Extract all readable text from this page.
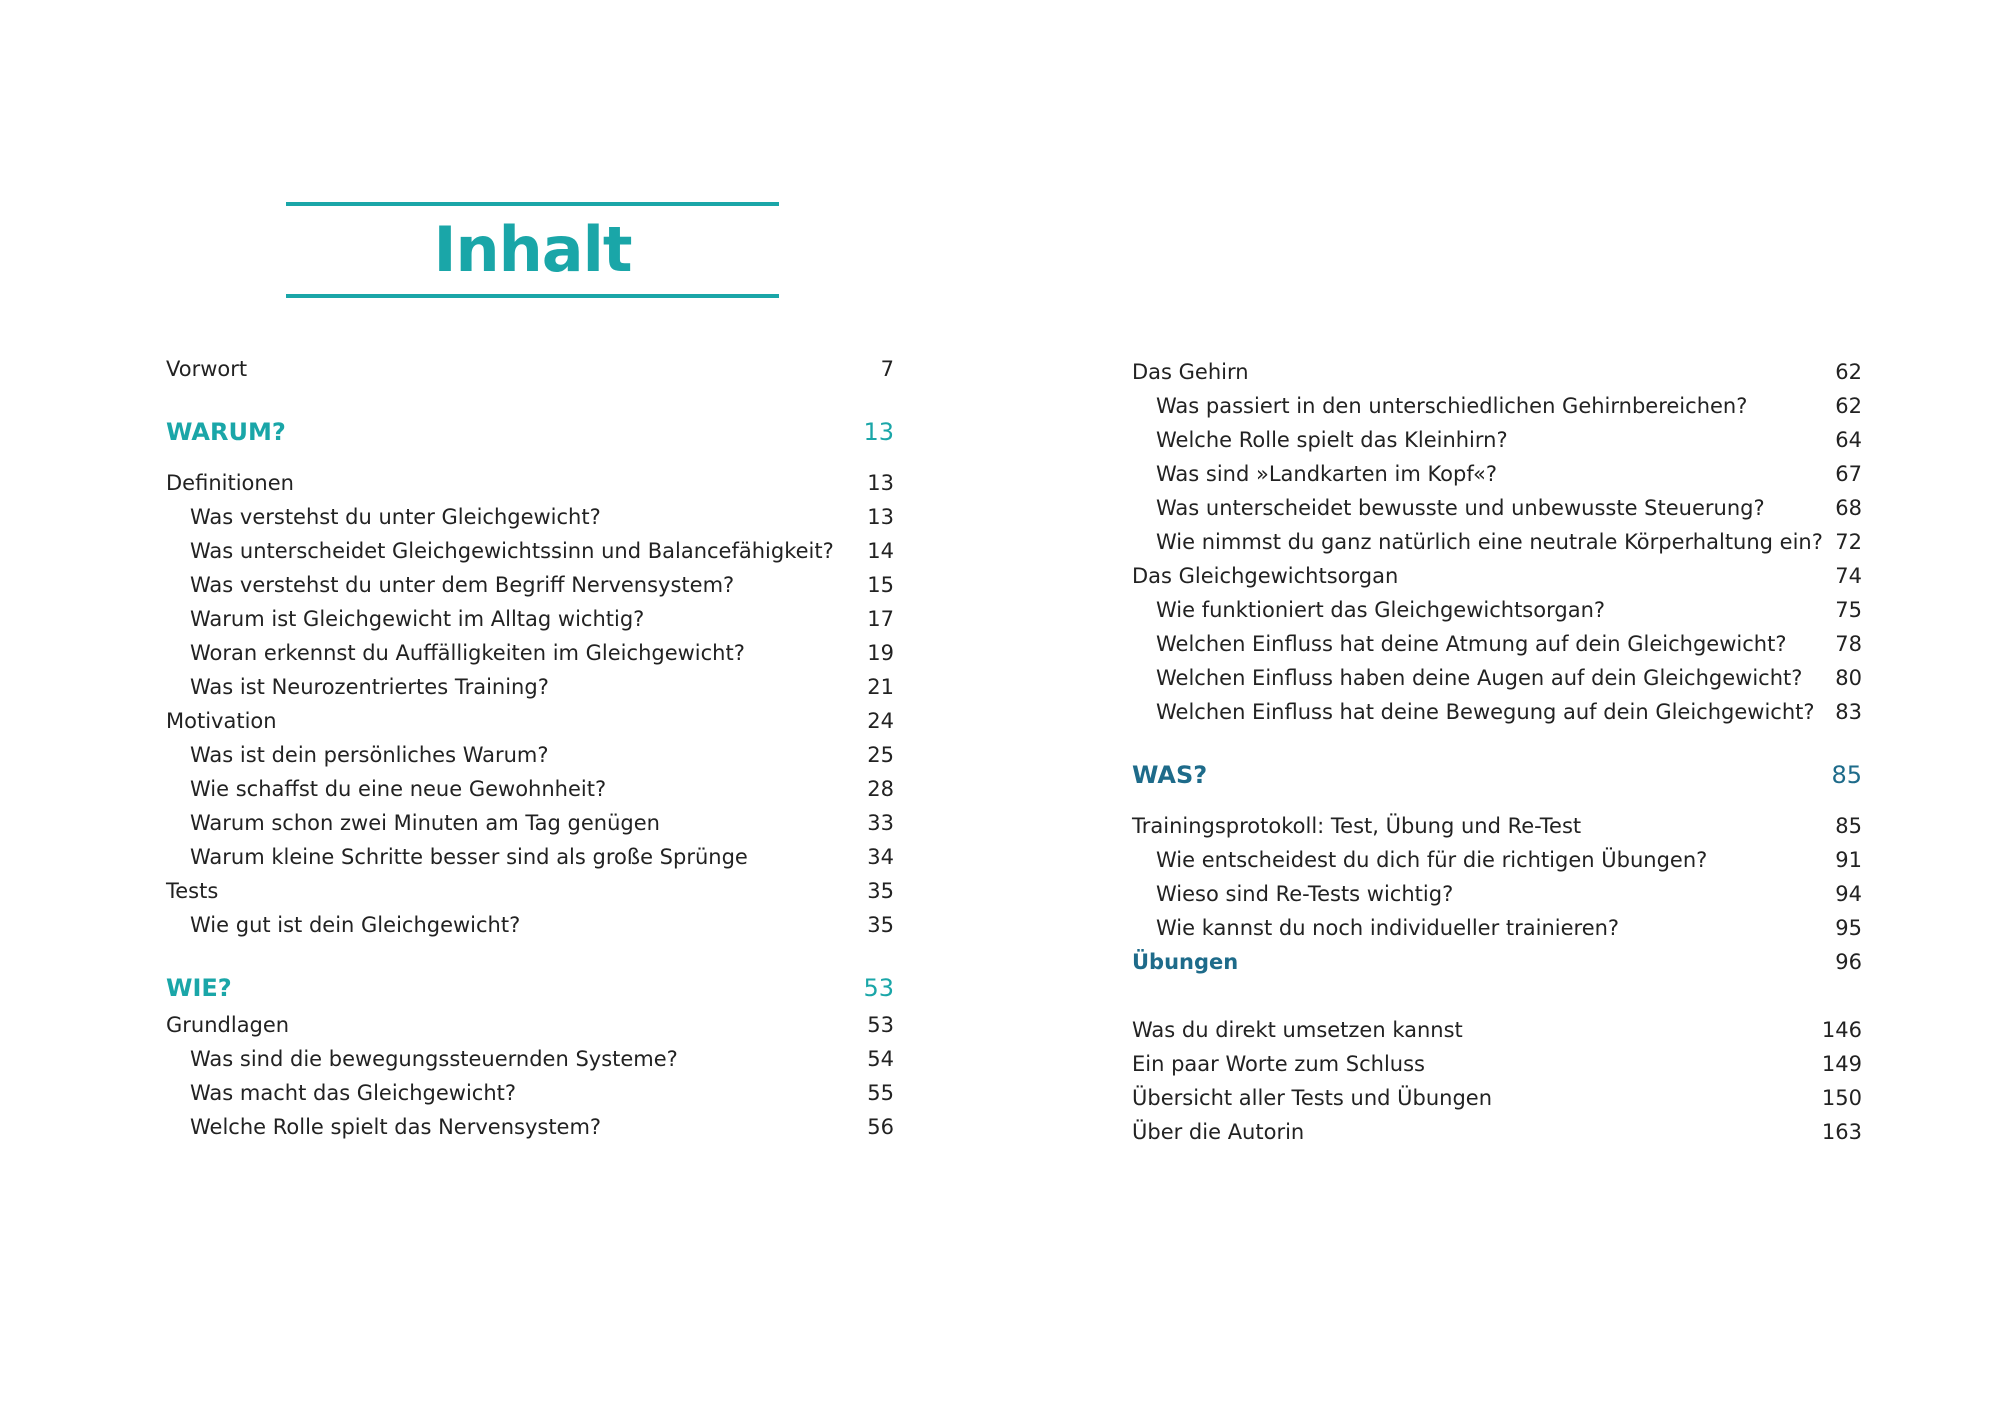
Inhalt
Vorwort	7
WARUM?	13
Definitionen	13
Was verstehst du unter Gleichgewicht?	13
Was unterscheidet Gleichgewichtssinn und Balancefähigkeit? 14
Was verstehst du unter dem Begriff Nervensystem?	15
Warum ist Gleichgewicht im Alltag wichtig?	17
Woran erkennst du Auffälligkeiten im Gleichgewicht?	19
Was ist Neurozentriertes Training?	21
Motivation	24
Was ist dein persönliches Warum?	25
Wie schaffst du eine neue Gewohnheit?	28
Warum schon zwei Minuten am Tag genügen	33
Warum kleine Schritte besser sind als große Sprünge	34
Tests	35
Wie gut ist dein Gleichgewicht?	35
WIE?	53
Grundlagen	53
Was sind die bewegungssteuernden Systeme?	54
Was macht das Gleichgewicht?	55
Welche Rolle spielt das Nervensystem?	56
Das Gehirn	62
Was passiert in den unterschiedlichen Gehirnbereichen?	62
Welche Rolle spielt das Kleinhirn?	64
Was sind »Landkarten im Kopf«?	67
Was unterscheidet bewusste und unbewusste Steuerung?	68
Wie nimmst du ganz natürlich eine neutrale Körperhaltung ein? 72
Das Gleichgewichtsorgan	74
Wie funktioniert das Gleichgewichtsorgan?	75
Welchen Einfluss hat deine Atmung auf dein Gleichgewicht? 78
Welchen Einfluss haben deine Augen auf dein Gleichgewicht? 80
Welchen Einfluss hat deine Bewegung auf dein Gleichgewicht? 83
WAS?	85
Trainingsprotokoll: Test, Übung und Re-Test	85
Wie entscheidest du dich für die richtigen Übungen?	91
Wieso sind Re-Tests wichtig?	94
Wie kannst du noch individueller trainieren?	95
Übungen	96
Was du direkt umsetzen kannst	146
Ein paar Worte zum Schluss	149
Übersicht aller Tests und Übungen	150
Über die Autorin	163
